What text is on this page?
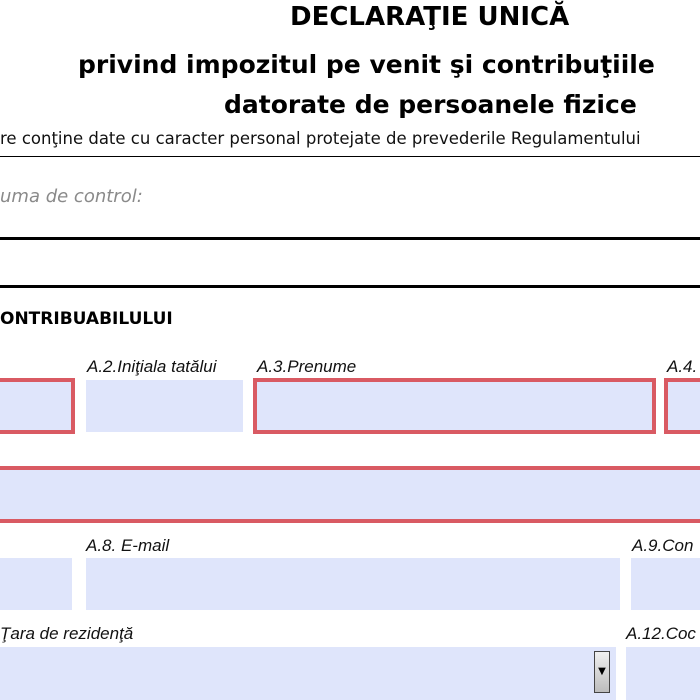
DECLARAŢIE UNICĂ
privind impozitul pe venit şi contribuţiile
datorate de persoanele fizice
re conţine date cu caracter personal protejate de prevederile Regulamentului
uma de control:
ONTRIBUABILULUI
A.2.Iniţiala tatălui A.3.Prenume	A.4.
A.8. E-mail	A.9.Con
Ţara de rezidenţă	A.12.Coc
▼
